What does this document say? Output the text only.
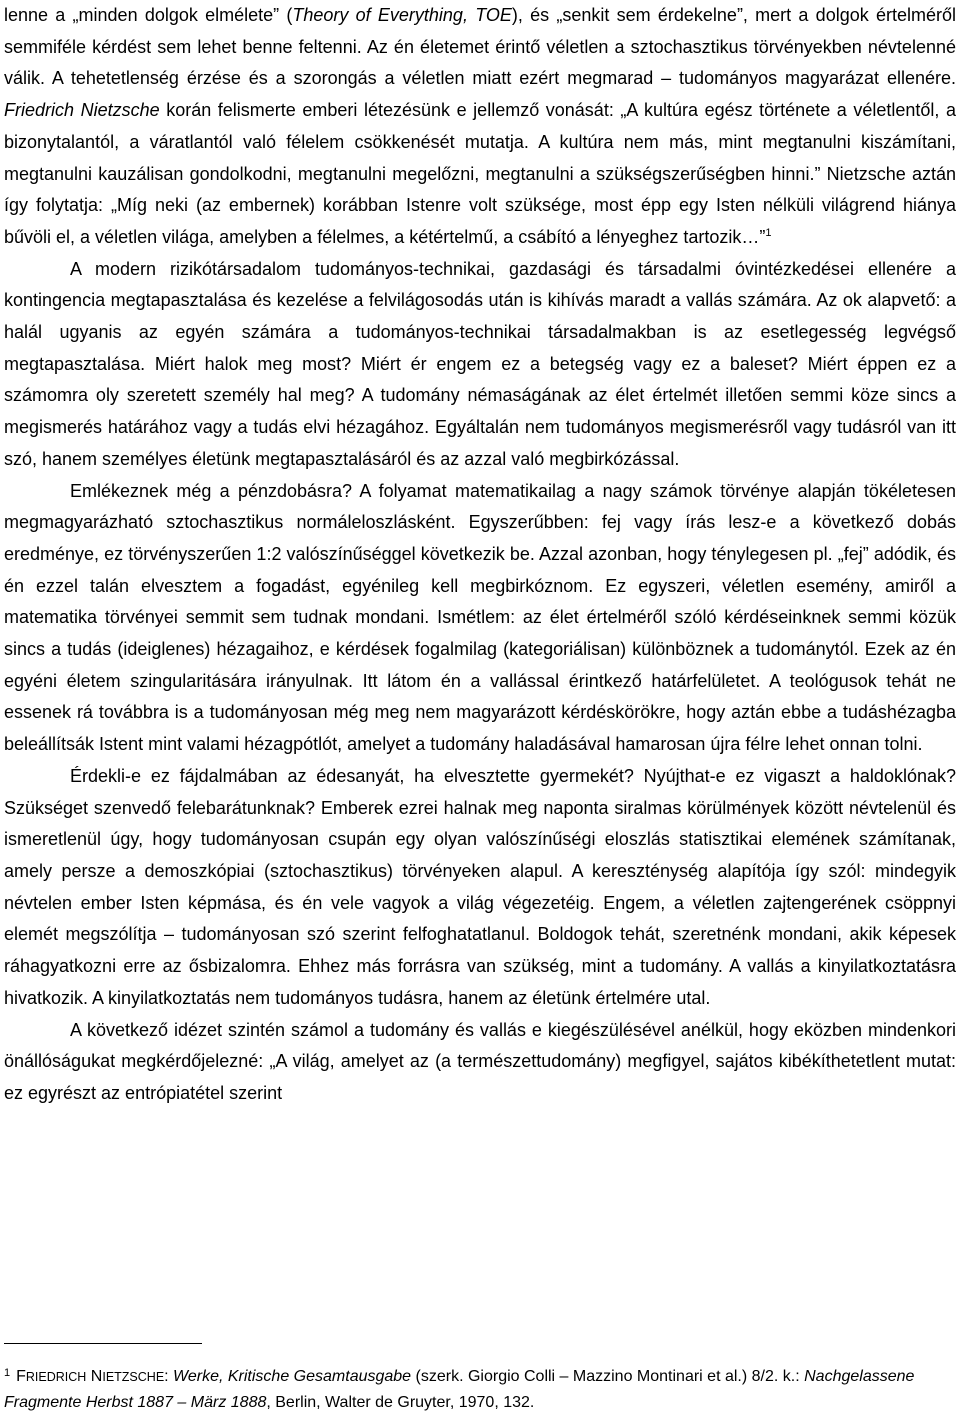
lenne a „minden dolgok elmélete” (Theory of Everything, TOE), és „senkit sem érdekelne”, mert a dolgok értelméről semmiféle kérdést sem lehet benne feltenni. Az én életemet érintő véletlen a sztochasztikus törvényekben névtelenné válik. A tehetetlenség érzése és a szorongás a véletlen miatt ezért megmarad – tudományos magyarázat ellenére. Friedrich Nietzsche korán felismerte emberi létezésünk e jellemző vonását: „A kultúra egész története a véletlentől, a bizonytalantól, a váratlantól való félelem csökkenését mutatja. A kultúra nem más, mint megtanulni kiszámítani, megtanulni kauzálisan gondolkodni, megtanulni megelőzni, megtanulni a szükségszerűségben hinni.” Nietzsche aztán így folytatja: „Míg neki (az embernek) korábban Istenre volt szüksége, most épp egy Isten nélküli világrend hiánya bűvöli el, a véletlen világa, amelyben a félelmes, a kétértelmű, a csábító a lényeghez tartozik…”$^1$

A modern rizikótársadalom tudományos-technikai, gazdasági és társadalmi óvintézkedései ellenére a kontingencia megtapasztalása és kezelése a felvilágosodás után is kihívás maradt a vallás számára. Az ok alapvető: a halál ugyanis az egyén számára a tudományos-technikai társadalmakban is az esetlegesség legvégső megtapasztalása. Miért halok meg most? Miért ér engem ez a betegség vagy ez a baleset? Miért éppen ez a számomra oly szeretett személy hal meg? A tudomány némaságának az élet értelmét illetően semmi köze sincs a megismerés határához vagy a tudás elvi hézagához. Egyáltalán nem tudományos megismerésről vagy tudásról van itt szó, hanem személyes életünk megtapasztalásáról és az azzal való megbirkózással.

Emlékeznek még a pénzdobásra? A folyamat matematikailag a nagy számok törvénye alapján tökéletesen megmagyarázható sztochasztikus normáleloszlásként. Egyszerűbben: fej vagy írás lesz-e a következő dobás eredménye, ez törvényszerűen 1:2 valószínűséggel következik be. Azzal azonban, hogy ténylegesen pl. „fej” adódik, és én ezzel talán elvesztem a fogadást, egyénileg kell megbirkóznom. Ez egyszeri, véletlen esemény, amiről a matematika törvényei semmit sem tudnak mondani. Ismétlem: az élet értelméről szóló kérdéseinknek semmi közük sincs a tudás (ideiglenes) hézagaihoz, e kérdések fogalmilag (kategoriálisan) különböznek a tudománytól. Ezek az én egyéni életem szingularitására irányulnak. Itt látom én a vallással érintkező határfelületet. A teológusok tehát ne essenek rá továbbra is a tudományosan még meg nem magyarázott kérdéskörökre, hogy aztán ebbe a tudáshézagba beleállítsák Istent mint valami hézagpótlót, amelyet a tudomány haladásával hamarosan újra félre lehet onnan tolni.

Érdekli-e ez fájdalmában az édesanyát, ha elvesztette gyermekét? Nyújthat-e ez vigaszt a haldoklónak? Szükséget szenvedő felebarátunknak? Emberek ezrei halnak meg naponta siralmas körülmények között névtelenül és ismeretlenül úgy, hogy tudományosan csupán egy olyan valószínűségi eloszlás statisztikai elemének számítanak, amely persze a demoszkópiai (sztochasztikus) törvényeken alapul. A kereszténység alapítója így szól: mindegyik névtelen ember Isten képmása, és én vele vagyok a világ végezetéig. Engem, a véletlen zajtengerének csöppnyi elemét megszólítja – tudományosan szó szerint felfoghatatlanul. Boldogok tehát, szeretnénk mondani, akik képesek ráhagyatkozni erre az ősbizalomra. Ehhez más forrásra van szükség, mint a tudomány. A vallás a kinyilatkoztatásra hivatkozik. A kinyilatkoztatás nem tudományos tudásra, hanem az életünk értelmére utal.

A következő idézet szintén számol a tudomány és vallás e kiegészülésével anélkül, hogy eközben mindenkori önállóságukat megkérdőjelezné: „A világ, amelyet az (a természettudomány) megfigyel, sajátos kibékíthetetlent mutat: ez egyrészt az entrópiatétel szerint

$^1$ FRIEDRICH NIETZSCHE: Werke, Kritische Gesamtausgabe (szerk. Giorgio Colli – Mazzino Montinari et al.) 8/2. k.: Nachgelassene Fragmente Herbst 1887 – März 1888, Berlin, Walter de Gruyter, 1970, 132.
